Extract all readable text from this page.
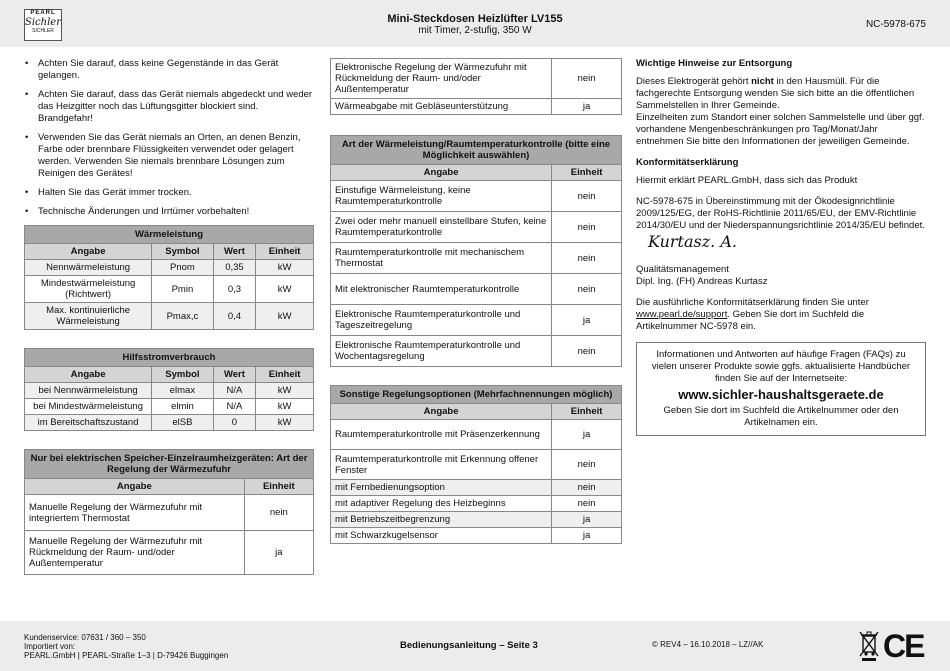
PEARL
Sichler
SICHLER
Mini-Steckdosen Heizlüfter LV155
mit Timer, 2-stufig, 350 W
NC-5978-675
• Achten Sie darauf, dass keine Gegenstände in das Gerät gelangen.
• Achten Sie darauf, dass das Gerät niemals abgedeckt und weder das Heizgitter noch das Lüftungsgitter blockiert sind. Brandgefahr!
• Verwenden Sie das Gerät niemals an Orten, an denen Benzin, Farbe oder brennbare Flüssigkeiten verwendet oder gelagert werden. Verwenden Sie niemals brennbare Lösungen zum Reinigen des Gerätes!
• Halten Sie das Gerät immer trocken.
• Technische Änderungen und Irrtümer vorbehalten!
Wärmeleistung			
Angabe	Symbol	Wert	Einheit
Nennwärmeleistung	Pnom	0,35	kW
Mindestwärmeleistung (Richtwert)	Pmin	0,3	kW
Max. kontinuierliche Wärmeleistung	Pmax,c	0,4	kW
Hilfsstromverbrauch			
Angabe	Symbol	Wert	Einheit
bei Nennwärmeleistung	elmax	N/A	kW
bei Mindestwärmeleistung	elmin	N/A	kW
im Bereitschaftszustand	elSB	0	kW
Nur bei elektrischen Speicher-Einzelraumheizgeräten: Art der Regelung der Wärmezufuhr	
Angabe	Einheit
Manuelle Regelung der Wärmezufuhr mit integriertem Thermostat	nein
Manuelle Regelung der Wärmezufuhr mit Rückmeldung der Raum- und/oder Außentemperatur	ja
Elektronische Regelung der Wärmezufuhr mit Rückmeldung der Raum- und/oder Außentemperatur	nein
Wärmeabgabe mit Gebläseunterstützung	ja
Art der Wärmeleistung/Raumtemperaturkontrolle (bitte eine Möglichkeit auswählen)	
Angabe	Einheit
Einstufige Wärmeleistung, keine Raumtemperaturkontrolle	nein
Zwei oder mehr manuell einstellbare Stufen, keine Raumtemperaturkontrolle	nein
Raumtemperaturkontrolle mit mechanischem Thermostat	nein
Mit elektronischer Raumtemperaturkontrolle	nein
Elektronische Raumtemperaturkontrolle und Tageszeitregelung	ja
Elektronische Raumtemperaturkontrolle und Wochentagsregelung	nein
Sonstige Regelungsoptionen (Mehrfachnennungen möglich)	
Angabe	Einheit
Raumtemperaturkontrolle mit Präsenzerkennung	ja
Raumtemperaturkontrolle mit Erkennung offener Fenster	nein
mit Fernbedienungsoption	nein
mit adaptiver Regelung des Heizbeginns	nein
mit Betriebszeitbegrenzung	ja
mit Schwarzkugelsensor	ja
Wichtige Hinweise zur Entsorgung

Dieses Elektrogerät gehört nicht in den Hausmüll. Für die fachgerechte Entsorgung wenden Sie sich bitte an die öffentlichen Sammelstellen in Ihrer Gemeinde.
Einzelheiten zum Standort einer solchen Sammelstelle und über ggf. vorhandene Mengenbeschränkungen pro Tag/Monat/Jahr entnehmen Sie bitte den Informationen der jeweiligen Gemeinde.

Konformitätserklärung

Hiermit erklärt PEARL.GmbH, dass sich das Produkt

NC-5978-675 in Übereinstimmung mit der Ökodesignrichtlinie 2009/125/EG, der RoHS-Richtlinie 2011/65/EU, der EMV-Richtlinie 2014/30/EU und der Niederspannungsrichtlinie 2014/35/EU befindet.

Kurtasz. A.
Qualitätsmanagement

Dipl. Ing. (FH) Andreas Kurtasz

Die ausführliche Konformitätserklärung finden Sie unter www.pearl.de/support. Geben Sie dort im Suchfeld die Artikelnummer NC-5978 ein.

Informationen und Antworten auf häufige Fragen (FAQs) zu vielen unserer Produkte sowie ggfs. aktualisierte Handbücher finden Sie auf der Internetseite:
www.sichler-haushaltsgeraete.de
Geben Sie dort im Suchfeld die Artikelnummer oder den Artikelnamen ein.
Kundenservice: 07631 / 360 – 350
Importiert von:
PEARL.GmbH | PEARL-Straße 1–3 | D-79426 Buggingen
Bedienungsanleitung – Seite 3	© REV4 – 16.10.2018 – LZ//AK	CE
